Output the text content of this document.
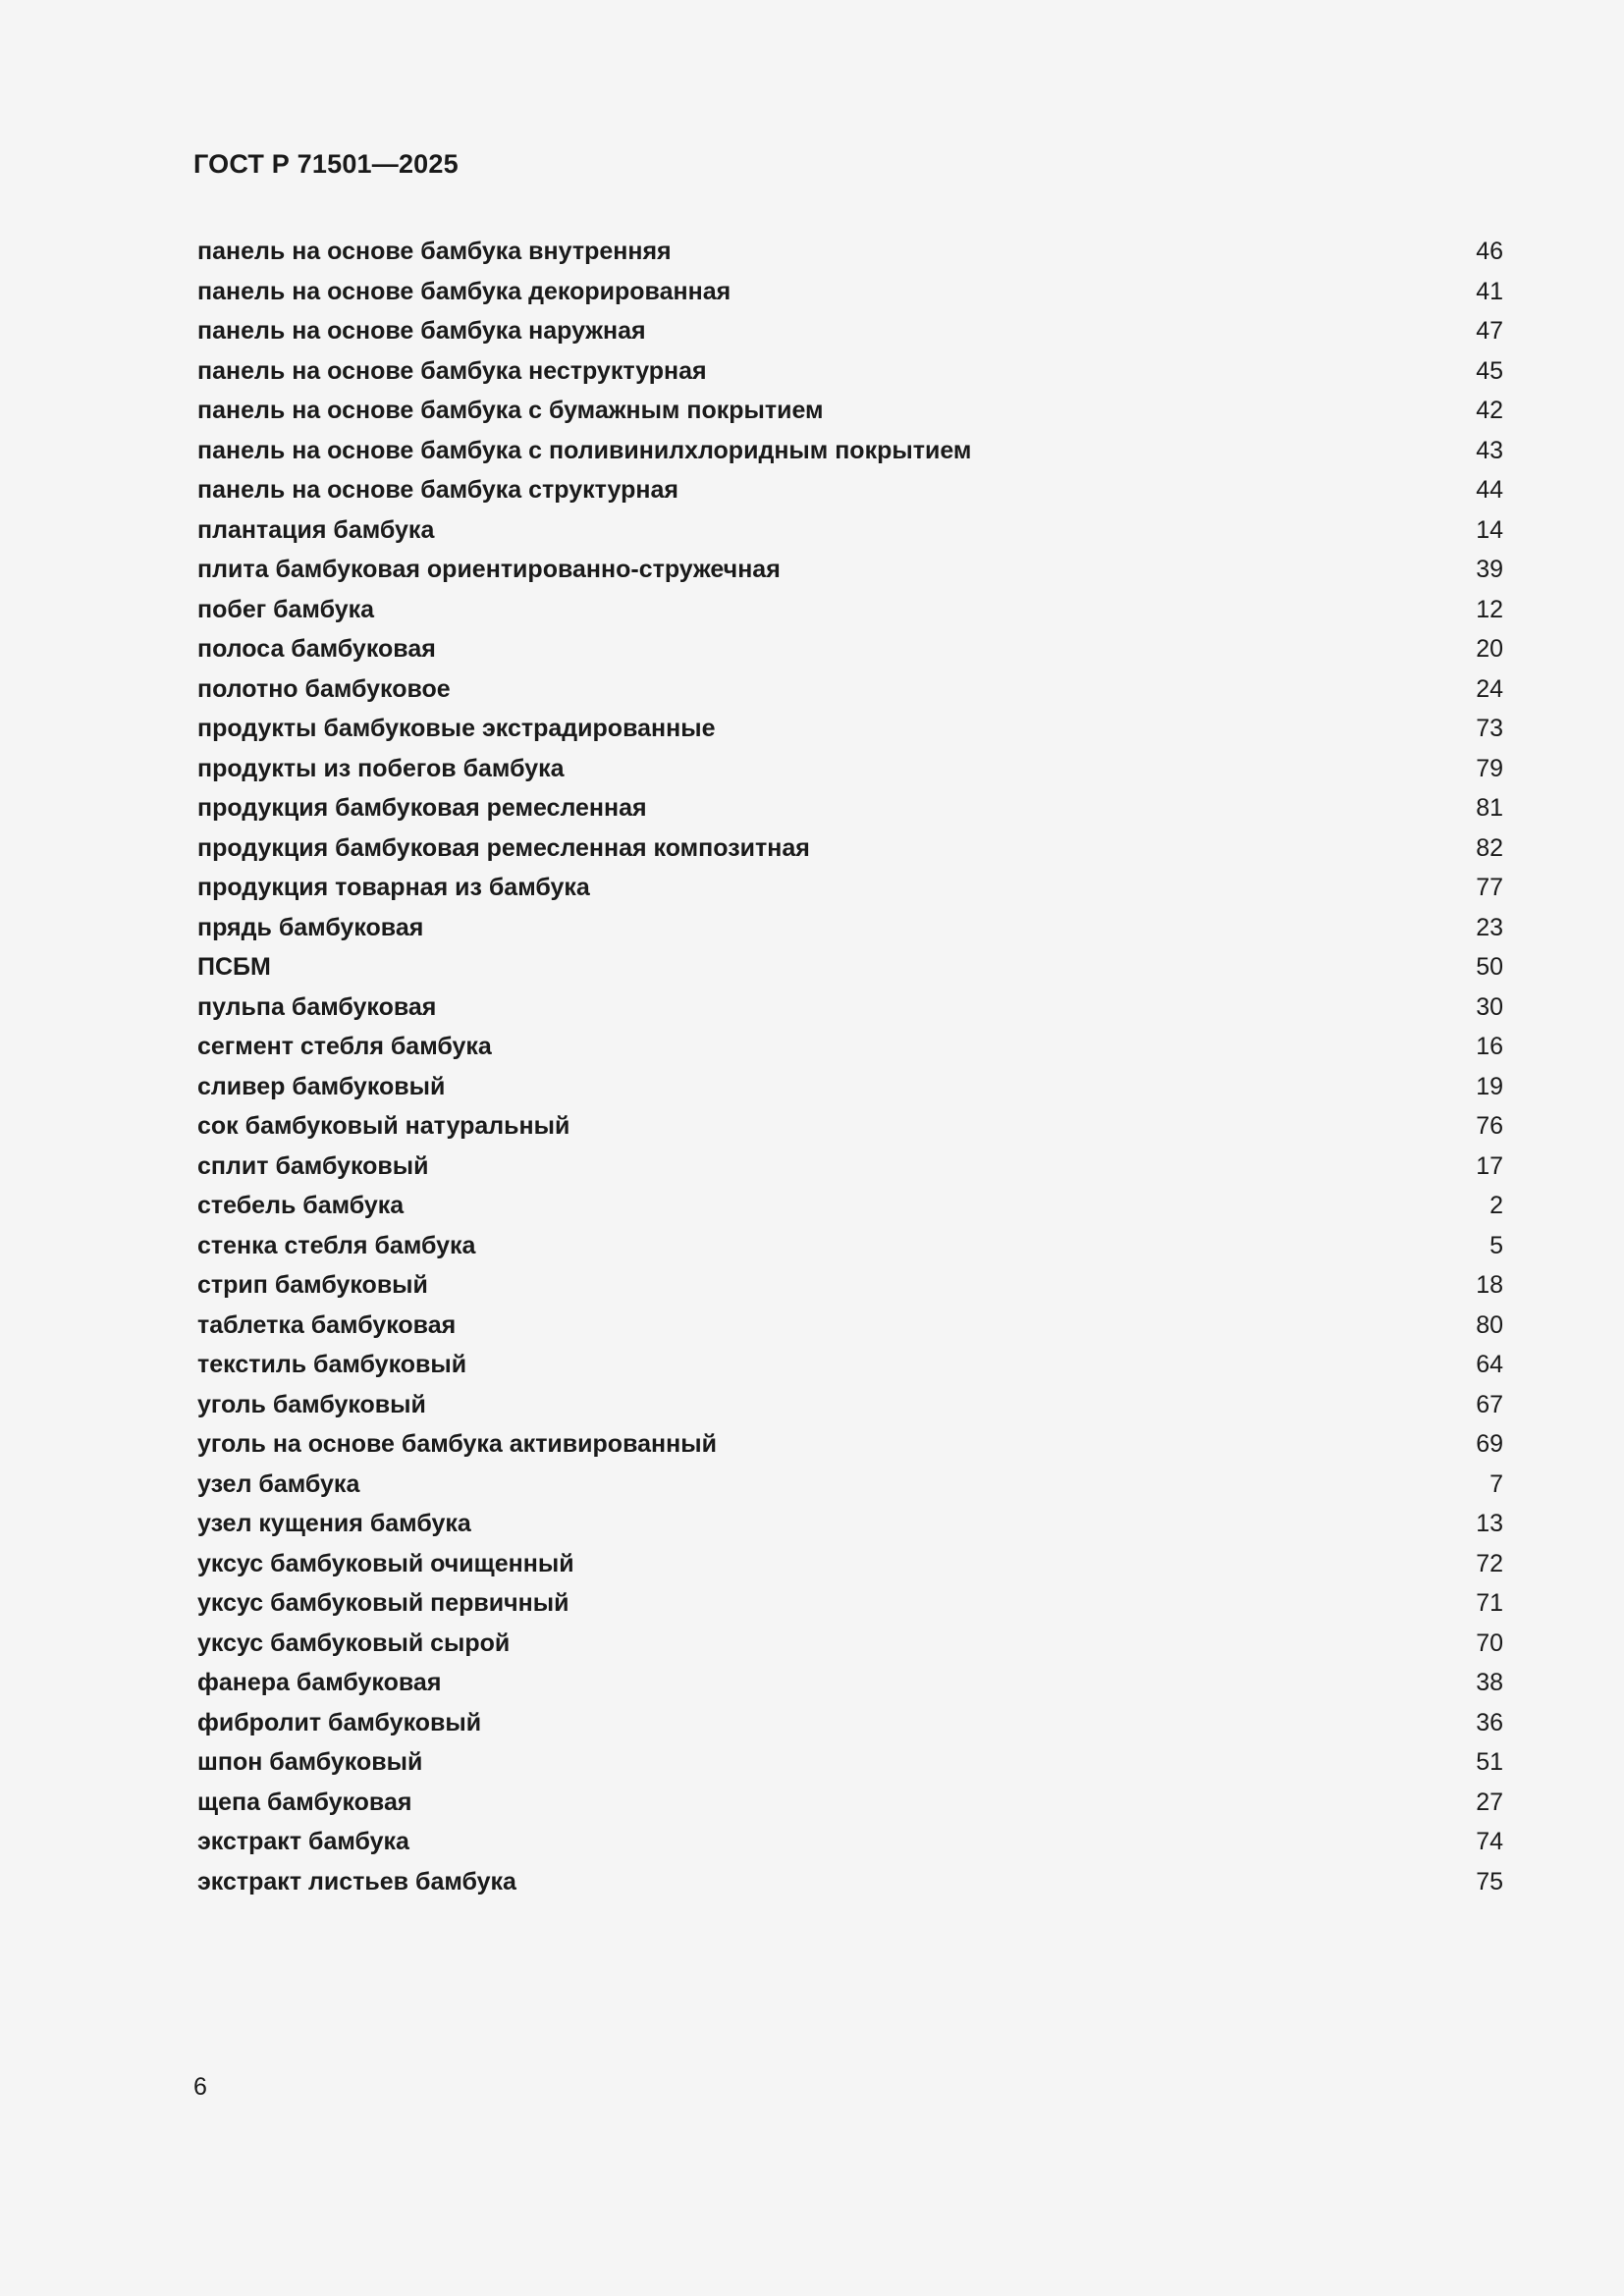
ГОСТ Р 71501—2025
панель на основе бамбука внутренняя	46
панель на основе бамбука декорированная	41
панель на основе бамбука наружная	47
панель на основе бамбука неструктурная	45
панель на основе бамбука с бумажным покрытием	42
панель на основе бамбука с поливинилхлоридным покрытием	43
панель на основе бамбука структурная	44
плантация бамбука	14
плита бамбуковая ориентированно-стружечная	39
побег бамбука	12
полоса бамбуковая	20
полотно бамбуковое	24
продукты бамбуковые экстрадированные	73
продукты из побегов бамбука	79
продукция бамбуковая ремесленная	81
продукция бамбуковая ремесленная композитная	82
продукция товарная из бамбука	77
прядь бамбуковая	23
ПСБМ	50
пульпа бамбуковая	30
сегмент стебля бамбука	16
сливер бамбуковый	19
сок бамбуковый натуральный	76
сплит бамбуковый	17
стебель бамбука	2
стенка стебля бамбука	5
стрип бамбуковый	18
таблетка бамбуковая	80
текстиль бамбуковый	64
уголь бамбуковый	67
уголь на основе бамбука активированный	69
узел бамбука	7
узел кущения бамбука	13
уксус бамбуковый очищенный	72
уксус бамбуковый первичный	71
уксус бамбуковый сырой	70
фанера бамбуковая	38
фибролит бамбуковый	36
шпон бамбуковый	51
щепа бамбуковая	27
экстракт бамбука	74
экстракт листьев бамбука	75
6
